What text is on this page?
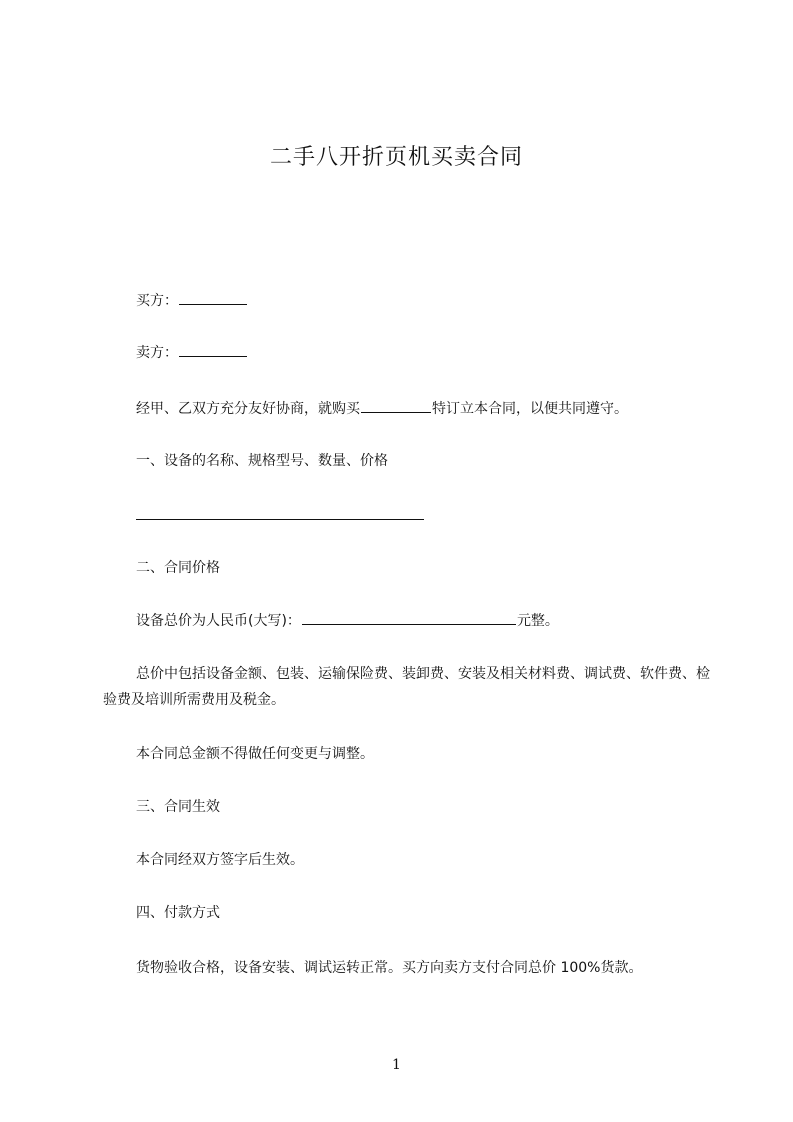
二手八开折页机买卖合同
买方：
卖方：
经甲、乙双方充分友好协商，就购买	特订立本合同，以便共同遵守。
一、设备的名称、规格型号、数量、价格
二、合同价格
设备总价为人民币(大写)：	元整。
总价中包括设备金额、包装、运输保险费、装卸费、安装及相关材料费、调试费、软件费、检验费及培训所需费用及税金。
本合同总金额不得做任何变更与调整。
三、合同生效
本合同经双方签字后生效。
四、付款方式
货物验收合格，设备安装、调试运转正常。买方向卖方支付合同总价 100%货款。
1
